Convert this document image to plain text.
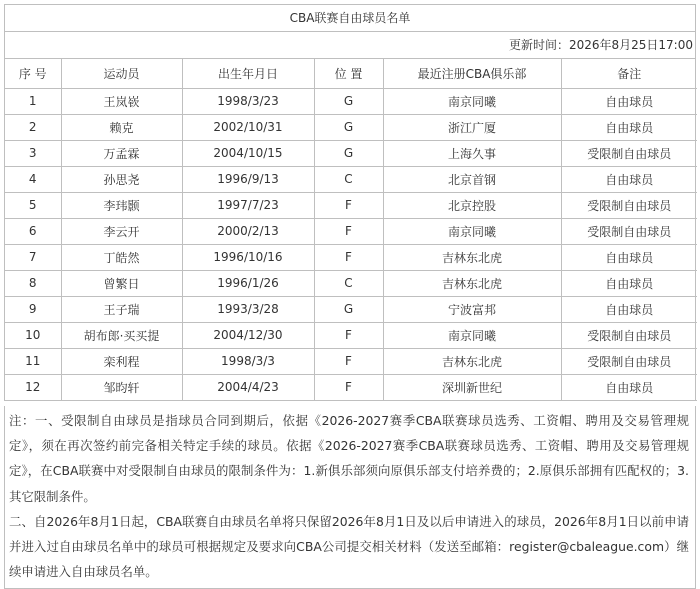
CBA联赛自由球员名单
更新时间：2026年8月25日17:00
序 号	运动员	出生年月日	位 置	最近注册CBA俱乐部	备注
1	王岚嵚	1998/3/23	G	南京同曦	自由球员
2	赖克	2002/10/31	G	浙江广厦	自由球员
3	万孟霖	2004/10/15	G	上海久事	受限制自由球员
4	孙思尧	1996/9/13	C	北京首钢	自由球员
5	李玮颢	1997/7/23	F	北京控股	受限制自由球员
6	李云开	2000/2/13	F	南京同曦	受限制自由球员
7	丁皓然	1996/10/16	F	吉林东北虎	自由球员
8	曾繁日	1996/1/26	C	吉林东北虎	自由球员
9	王子瑞	1993/3/28	G	宁波富邦	自由球员
10	胡布郎·买买提	2004/12/30	F	南京同曦	受限制自由球员
11	栾利程	1998/3/3	F	吉林东北虎	受限制自由球员
12	邹昀轩	2004/4/23	F	深圳新世纪	自由球员

注：一、受限制自由球员是指球员合同到期后，依据《2026-2027赛季CBA联赛球员选秀、工资帽、聘用及交易管理规定》，须在再次签约前完备相关特定手续的球员。依据《2026-2027赛季CBA联赛球员选秀、工资帽、聘用及交易管理规定》，在CBA联赛中对受限制自由球员的限制条件为：1.新俱乐部须向原俱乐部支付培养费的；2.原俱乐部拥有匹配权的；3.其它限制条件。

二、自2026年8月1日起，CBA联赛自由球员名单将只保留2026年8月1日及以后申请进入的球员，2026年8月1日以前申请并进入过自由球员名单中的球员可根据规定及要求向CBA公司提交相关材料（发送至邮箱：register@cbaleague.com）继续申请进入自由球员名单。
